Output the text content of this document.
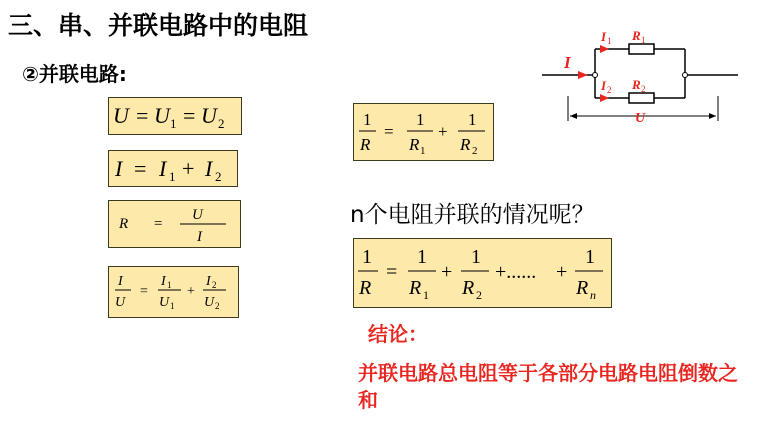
三、串、并联电路中的电阻
②并联电路:
U = U 1 = U 2
I = I 1 + I 2
R =
U
I
I
U
=
I 1
U 1
+
I 2
U 2
1
R
=
1
R 1
+
1
R 2
n个电阻并联的情况呢？
1
R
=
1
R 1
+
1
R 2
+...... +
1
R n
结论：
并联电路总电阻等于各部分电路电阻倒数之和
I
I 1 R 1
I 2 R 2
U
